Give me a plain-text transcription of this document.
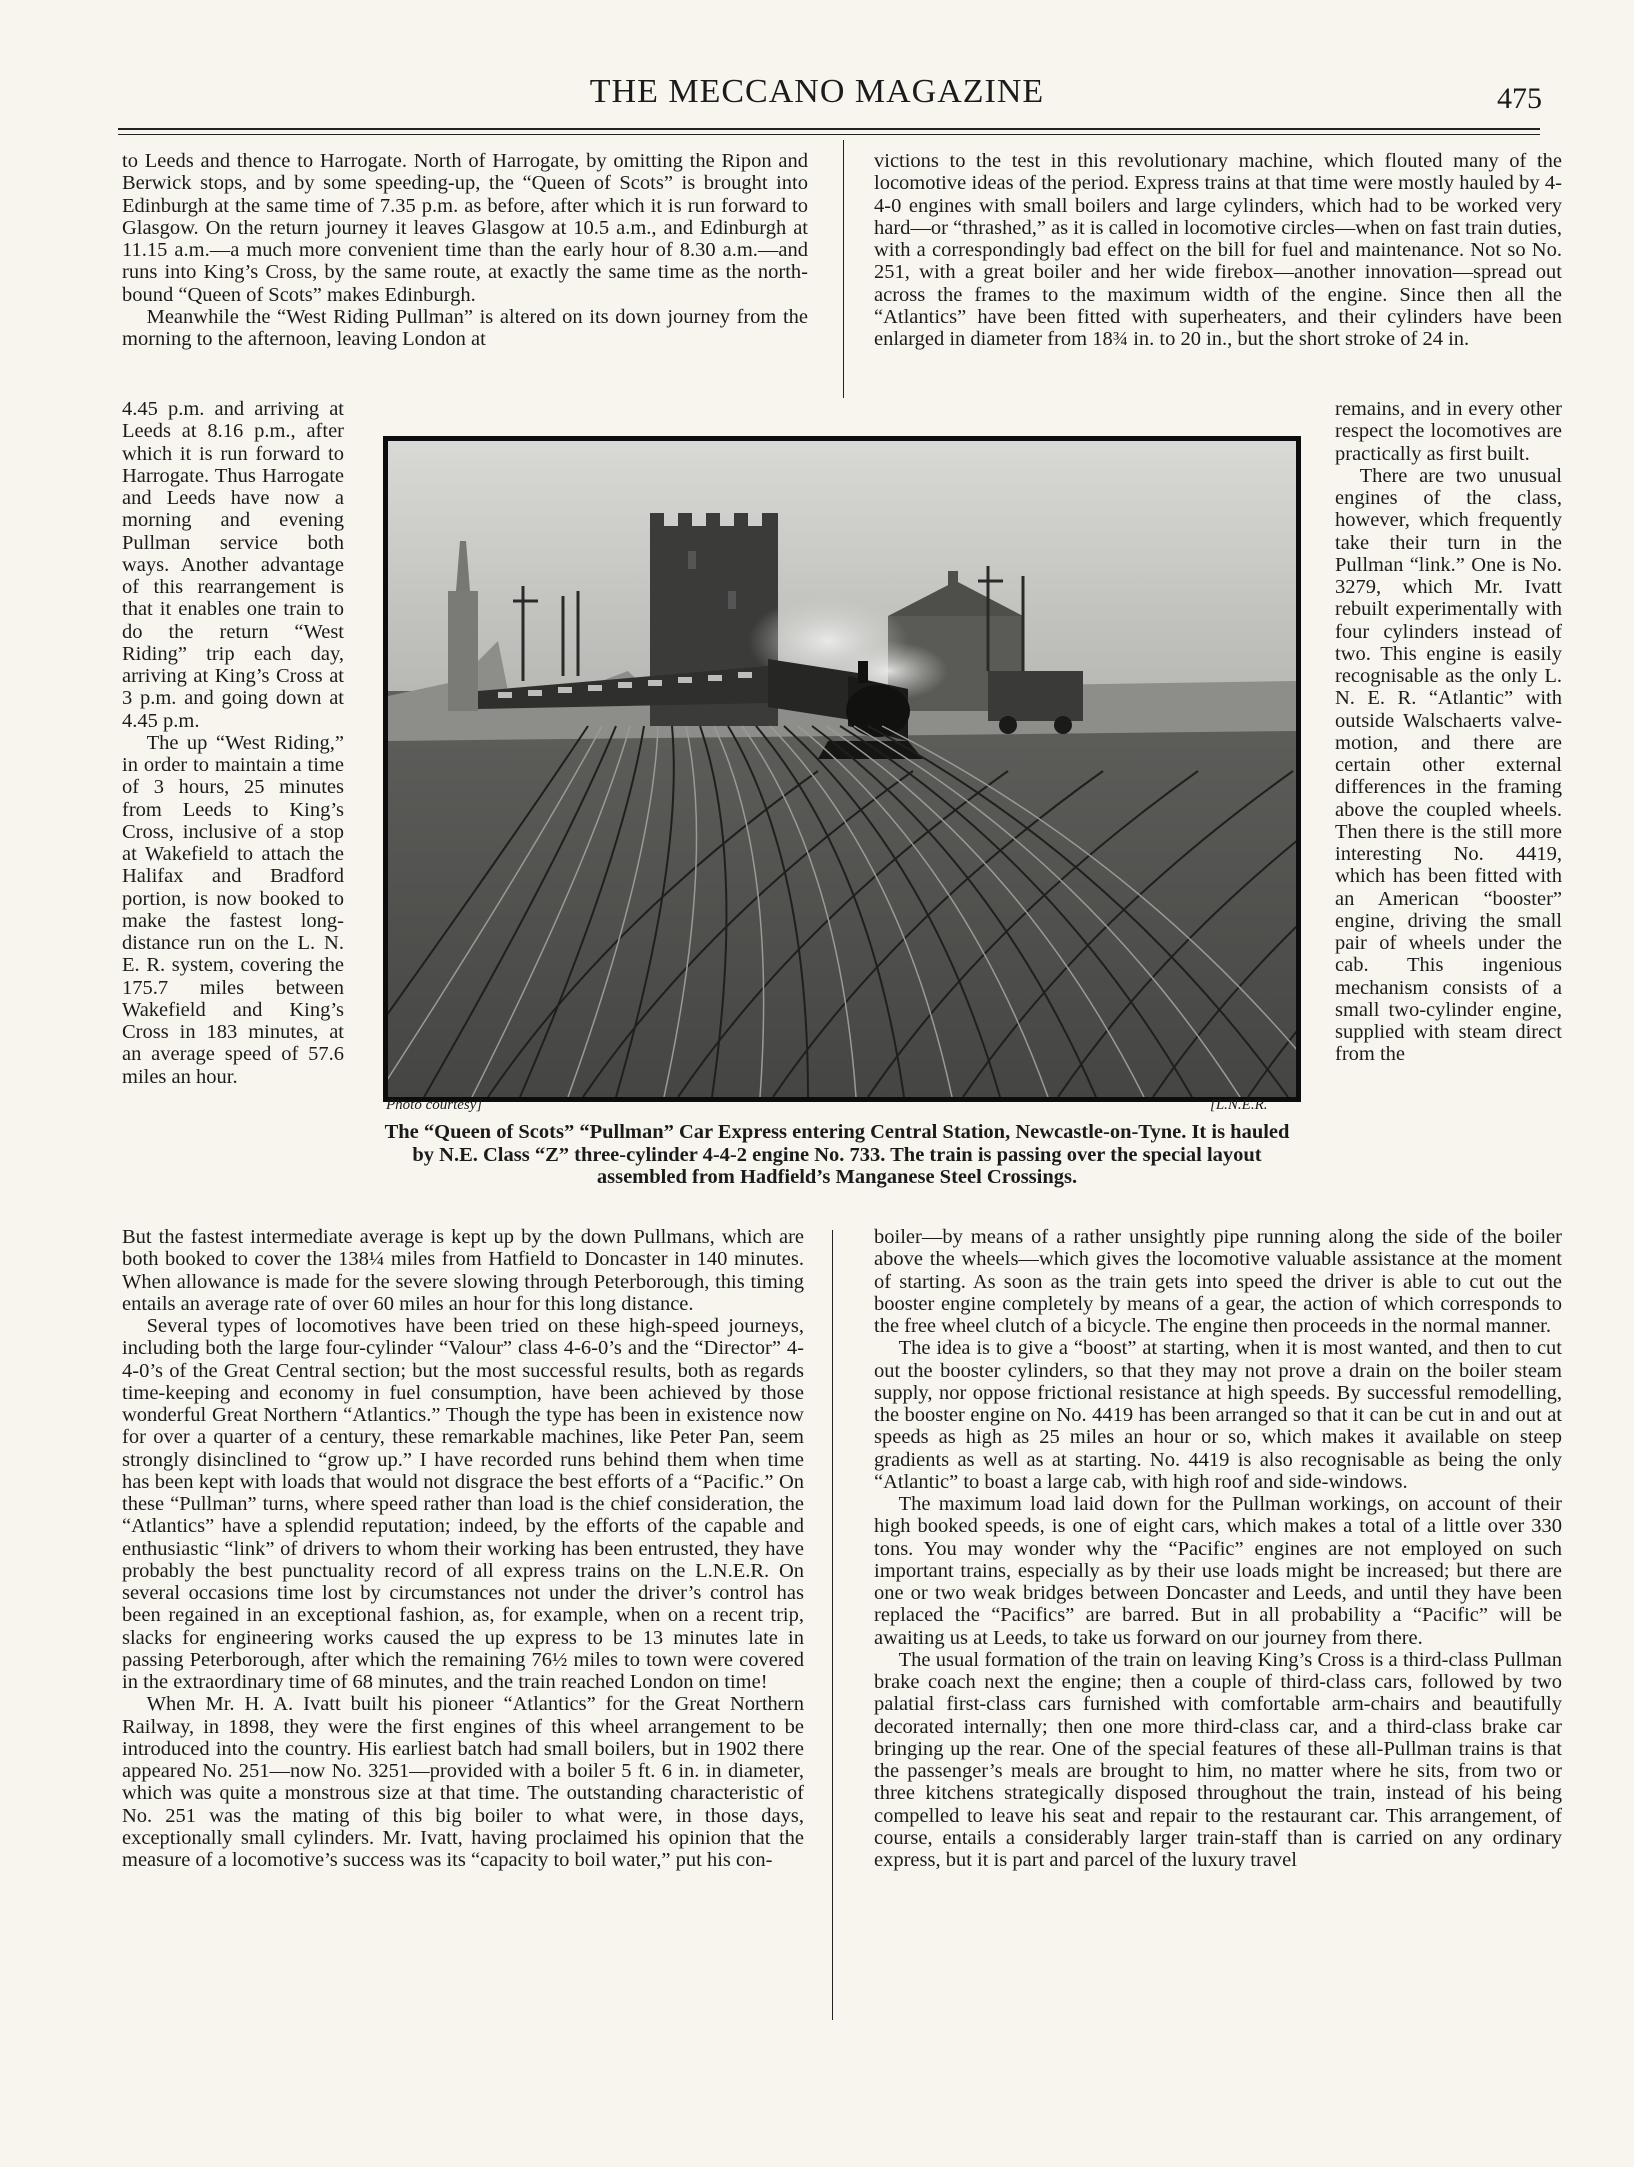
THE MECCANO MAGAZINE	475

to Leeds and thence to Harrogate. North of Harrogate, by omitting the Ripon and Berwick stops, and by some speeding-up, the “Queen of Scots” is brought into Edinburgh at the same time of 7.35 p.m. as before, after which it is run forward to Glasgow. On the return journey it leaves Glasgow at 10.5 a.m., and Edinburgh at 11.15 a.m.—a much more convenient time than the early hour of 8.30 a.m.—and runs into King’s Cross, by the same route, at exactly the same time as the north-bound “Queen of Scots” makes Edinburgh.

Meanwhile the “West Riding Pullman” is altered on its down journey from the morning to the afternoon, leaving London at

4.45 p.m. and arriving at Leeds at 8.16 p.m., after which it is run forward to Harrogate. Thus Harrogate and Leeds have now a morning and evening Pullman service both ways. Another advantage of this rearrangement is that it enables one train to do the return “West Riding” trip each day, arriving at King’s Cross at 3 p.m. and going down at 4.45 p.m.

The up “West Riding,” in order to maintain a time of 3 hours, 25 minutes from Leeds to King’s Cross, inclusive of a stop at Wakefield to attach the Halifax and Bradford portion, is now booked to make the fastest long-distance run on the L. N. E. R. system, covering the 175.7 miles between Wakefield and King’s Cross in 183 minutes, at an average speed of 57.6 miles an hour.

But the fastest intermediate average is kept up by the down Pullmans, which are both booked to cover the 138¼ miles from Hatfield to Doncaster in 140 minutes. When allowance is made for the severe slowing through Peterborough, this timing entails an average rate of over 60 miles an hour for this long distance.

Several types of locomotives have been tried on these high-speed journeys, including both the large four-cylinder “Valour” class 4-6-0’s and the “Director” 4-4-0’s of the Great Central section; but the most successful results, both as regards time-keeping and economy in fuel consumption, have been achieved by those wonderful Great Northern “Atlantics.” Though the type has been in existence now for over a quarter of a century, these remarkable machines, like Peter Pan, seem strongly disinclined to “grow up.” I have recorded runs behind them when time has been kept with loads that would not disgrace the best efforts of a “Pacific.” On these “Pullman” turns, where speed rather than load is the chief consideration, the “Atlantics” have a splendid reputation; indeed, by the efforts of the capable and enthusiastic “link” of drivers to whom their working has been entrusted, they have probably the best punctuality record of all express trains on the L.N.E.R. On several occasions time lost by circumstances not under the driver’s control has been regained in an exceptional fashion, as, for example, when on a recent trip, slacks for engineering works caused the up express to be 13 minutes late in passing Peterborough, after which the remaining 76½ miles to town were covered in the extraordinary time of 68 minutes, and the train reached London on time!

When Mr. H. A. Ivatt built his pioneer “Atlantics” for the Great Northern Railway, in 1898, they were the first engines of this wheel arrangement to be introduced into the country. His earliest batch had small boilers, but in 1902 there appeared No. 251—now No. 3251—provided with a boiler 5 ft. 6 in. in diameter, which was quite a monstrous size at that time. The outstanding characteristic of No. 251 was the mating of this big boiler to what were, in those days, exceptionally small cylinders. Mr. Ivatt, having proclaimed his opinion that the measure of a locomotive’s success was its “capacity to boil water,” put his con-

victions to the test in this revolutionary machine, which flouted many of the locomotive ideas of the period. Express trains at that time were mostly hauled by 4-4-0 engines with small boilers and large cylinders, which had to be worked very hard—or “thrashed,” as it is called in locomotive circles—when on fast train duties, with a correspondingly bad effect on the bill for fuel and maintenance. Not so No. 251, with a great boiler and her wide firebox—another innovation—spread out across the frames to the maximum width of the engine. Since then all the “Atlantics” have been fitted with superheaters, and their cylinders have been enlarged in diameter from 18¾ in. to 20 in., but the short stroke of 24 in.

remains, and in every other respect the locomotives are practically as first built.

There are two unusual engines of the class, however, which frequently take their turn in the Pullman “link.” One is No. 3279, which Mr. Ivatt rebuilt experimentally with four cylinders instead of two. This engine is easily recognisable as the only L. N. E. R. “Atlantic” with outside Walschaerts valve-motion, and there are certain other external differences in the framing above the coupled wheels. Then there is the still more interesting No. 4419, which has been fitted with an American “booster” engine, driving the small pair of wheels under the cab. This ingenious mechanism consists of a small two-cylinder engine, supplied with steam direct from the

boiler—by means of a rather unsightly pipe running along the side of the boiler above the wheels—which gives the locomotive valuable assistance at the moment of starting. As soon as the train gets into speed the driver is able to cut out the booster engine completely by means of a gear, the action of which corresponds to the free wheel clutch of a bicycle. The engine then proceeds in the normal manner.

The idea is to give a “boost” at starting, when it is most wanted, and then to cut out the booster cylinders, so that they may not prove a drain on the boiler steam supply, nor oppose frictional resistance at high speeds. By successful remodelling, the booster engine on No. 4419 has been arranged so that it can be cut in and out at speeds as high as 25 miles an hour or so, which makes it available on steep gradients as well as at starting. No. 4419 is also recognisable as being the only “Atlantic” to boast a large cab, with high roof and side-windows.

The maximum load laid down for the Pullman workings, on account of their high booked speeds, is one of eight cars, which makes a total of a little over 330 tons. You may wonder why the “Pacific” engines are not employed on such important trains, especially as by their use loads might be increased; but there are one or two weak bridges between Doncaster and Leeds, and until they have been replaced the “Pacifics” are barred. But in all probability a “Pacific” will be awaiting us at Leeds, to take us forward on our journey from there.

The usual formation of the train on leaving King’s Cross is a third-class Pullman brake coach next the engine; then a couple of third-class cars, followed by two palatial first-class cars furnished with comfortable arm-chairs and beautifully decorated internally; then one more third-class car, and a third-class brake car bringing up the rear. One of the special features of these all-Pullman trains is that the passenger’s meals are brought to him, no matter where he sits, from two or three kitchens strategically disposed throughout the train, instead of his being compelled to leave his seat and repair to the restaurant car. This arrangement, of course, entails a considerably larger train-staff than is carried on any ordinary express, but it is part and parcel of the luxury travel

Photo courtesy]	[L.N.E.R.
The “Queen of Scots” “Pullman” Car Express entering Central Station, Newcastle-on-Tyne. It is hauled by N.E. Class “Z” three-cylinder 4-4-2 engine No. 733. The train is passing over the special layout assembled from Hadfield’s Manganese Steel Crossings.
